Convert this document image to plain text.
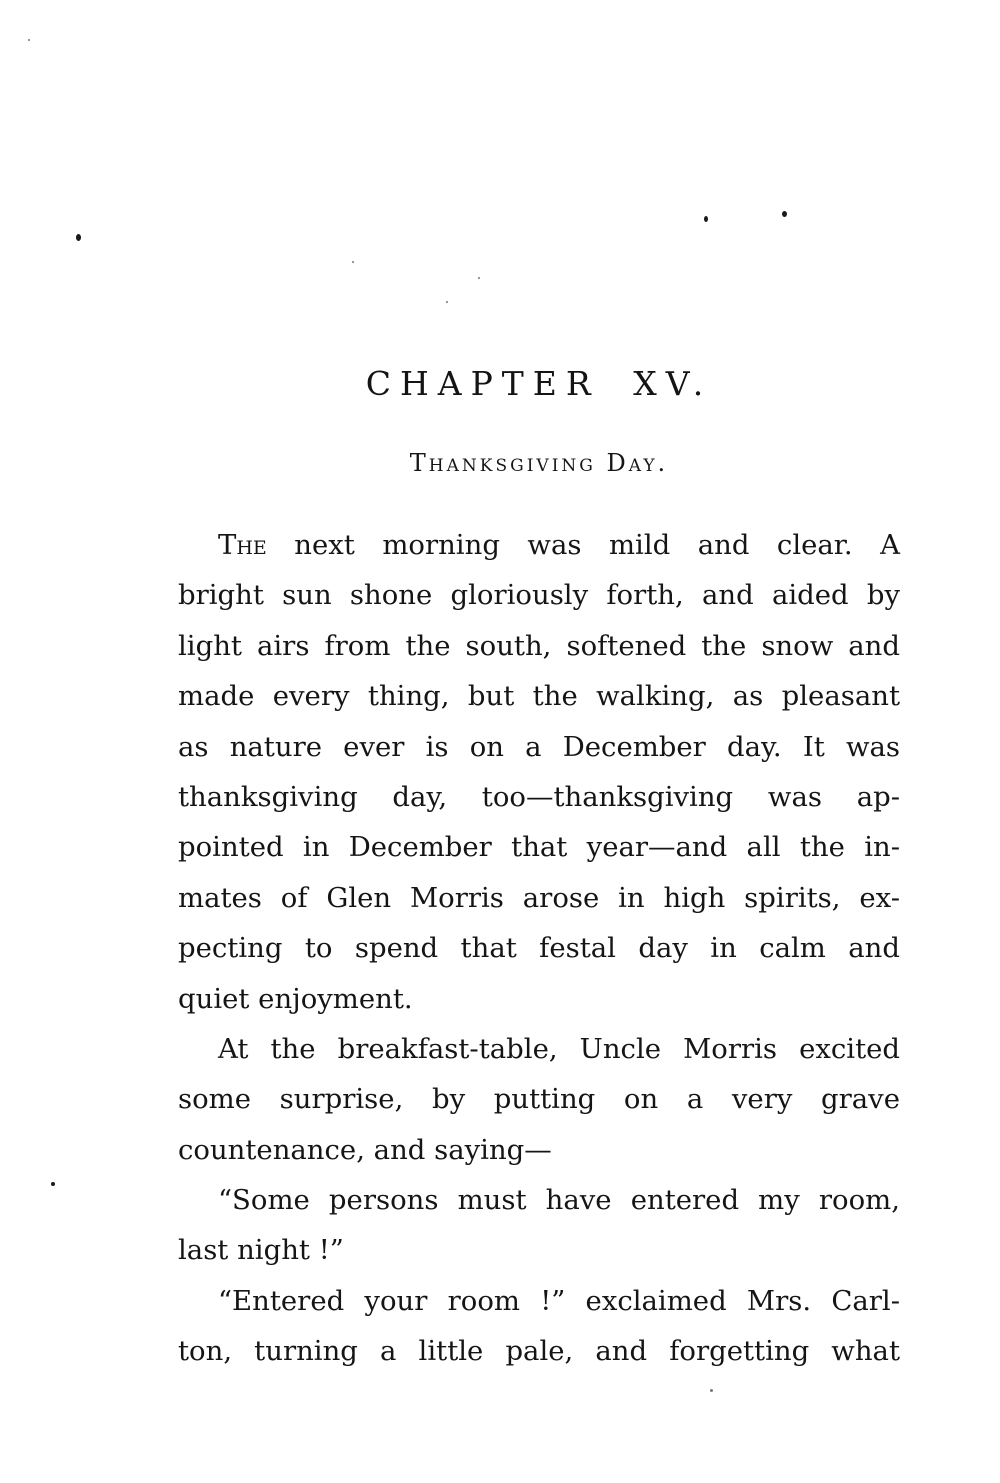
CHAPTER XV.
Thanksgiving Day.
The next morning was mild and clear. A
bright sun shone gloriously forth, and aided by
light airs from the south, softened the snow and
made every thing, but the walking, as pleasant
as nature ever is on a December day. It was
thanksgiving day, too—thanksgiving was ap-
pointed in December that year—and all the in-
mates of Glen Morris arose in high spirits, ex-
pecting to spend that festal day in calm and
quiet enjoyment.
At the breakfast-table, Uncle Morris excited
some surprise, by putting on a very grave
countenance, and saying—
“Some persons must have entered my room,
last night !”
“Entered your room !” exclaimed Mrs. Carl-
ton, turning a little pale, and forgetting what
